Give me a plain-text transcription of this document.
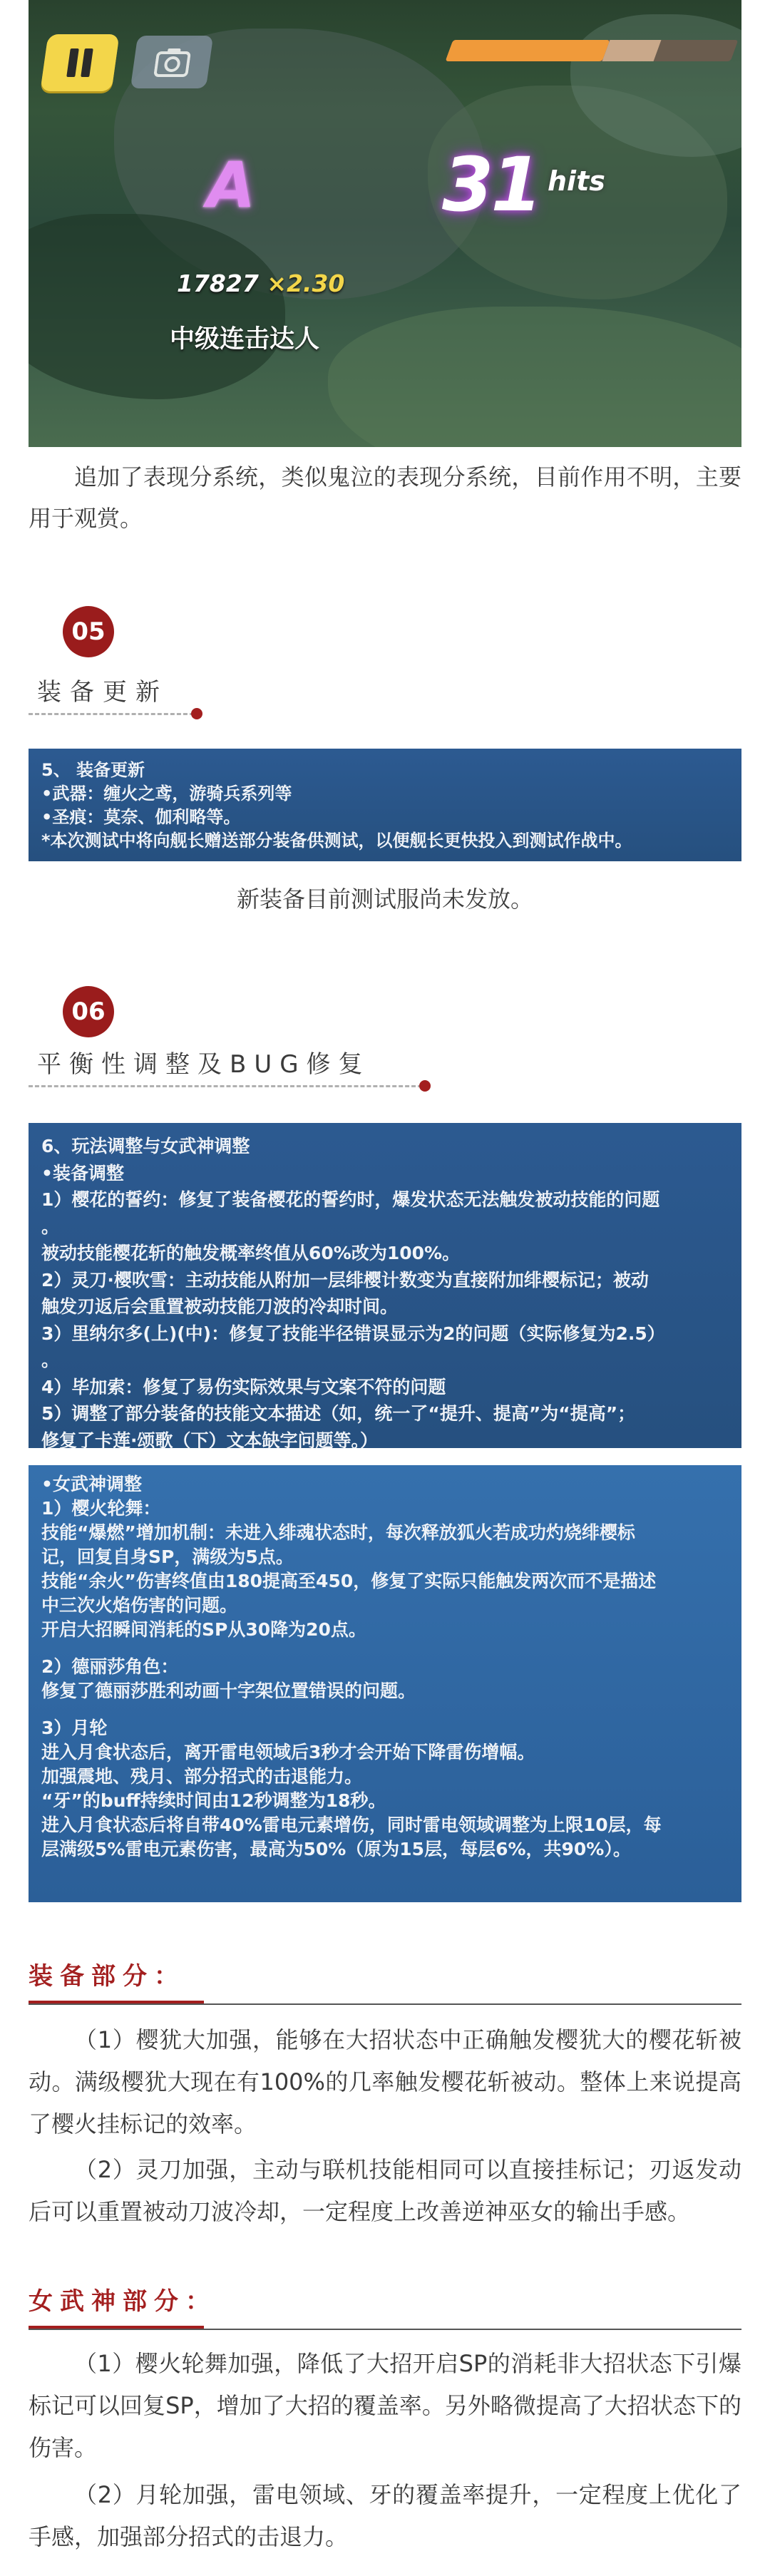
A	31 hits
17827 ×2.30
中级连击达人

追加了表现分系统，类似鬼泣的表现分系统，目前作用不明，主要用于观赏。

05
装备更新
5、 装备更新
•武器：缠火之鸢，游骑兵系列等
•圣痕：莫奈、伽利略等。
*本次测试中将向舰长赠送部分装备供测试，以便舰长更快投入到测试作战中。

新装备目前测试服尚未发放。

06
平衡性调整及BUG修复
6、玩法调整与女武神调整
•装备调整
1）樱花的誓约：修复了装备樱花的誓约时，爆发状态无法触发被动技能的问题
。
被动技能樱花斩的触发概率终值从60%改为100%。
2）灵刀·樱吹雪：主动技能从附加一层绯樱计数变为直接附加绯樱标记；被动
触发刃返后会重置被动技能刀波的冷却时间。
3）里纳尔多(上)(中)：修复了技能半径错误显示为2的问题（实际修复为2.5）
。
4）毕加索：修复了易伤实际效果与文案不符的问题
5）调整了部分装备的技能文本描述（如，统一了“提升、提高”为“提高”；
修复了卡莲·颂歌（下）文本缺字问题等。）
•女武神调整
1）樱火轮舞：
技能“爆燃”增加机制：未进入绯魂状态时，每次释放狐火若成功灼烧绯樱标
记，回复自身SP，满级为5点。
技能“余火”伤害终值由180提高至450，修复了实际只能触发两次而不是描述
中三次火焰伤害的问题。
开启大招瞬间消耗的SP从30降为20点。
2）德丽莎角色：
修复了德丽莎胜利动画十字架位置错误的问题。
3）月轮
进入月食状态后，离开雷电领域后3秒才会开始下降雷伤增幅。
加强震地、残月、部分招式的击退能力。
“牙”的buff持续时间由12秒调整为18秒。
进入月食状态后将自带40%雷电元素增伤，同时雷电领域调整为上限10层，每
层满级5%雷电元素伤害，最高为50%（原为15层，每层6%，共90%）。
装备部分：

（1）樱犹大加强，能够在大招状态中正确触发樱犹大的樱花斩被动。满级樱犹大现在有100%的几率触发樱花斩被动。整体上来说提高了樱火挂标记的效率。

（2）灵刀加强，主动与联机技能相同可以直接挂标记；刃返发动后可以重置被动刀波冷却，一定程度上改善逆神巫女的输出手感。

女武神部分：

（1）樱火轮舞加强，降低了大招开启SP的消耗非大招状态下引爆标记可以回复SP，增加了大招的覆盖率。另外略微提高了大招状态下的伤害。

（2）月轮加强，雷电领域、牙的覆盖率提升，一定程度上优化了手感，加强部分招式的击退力。
